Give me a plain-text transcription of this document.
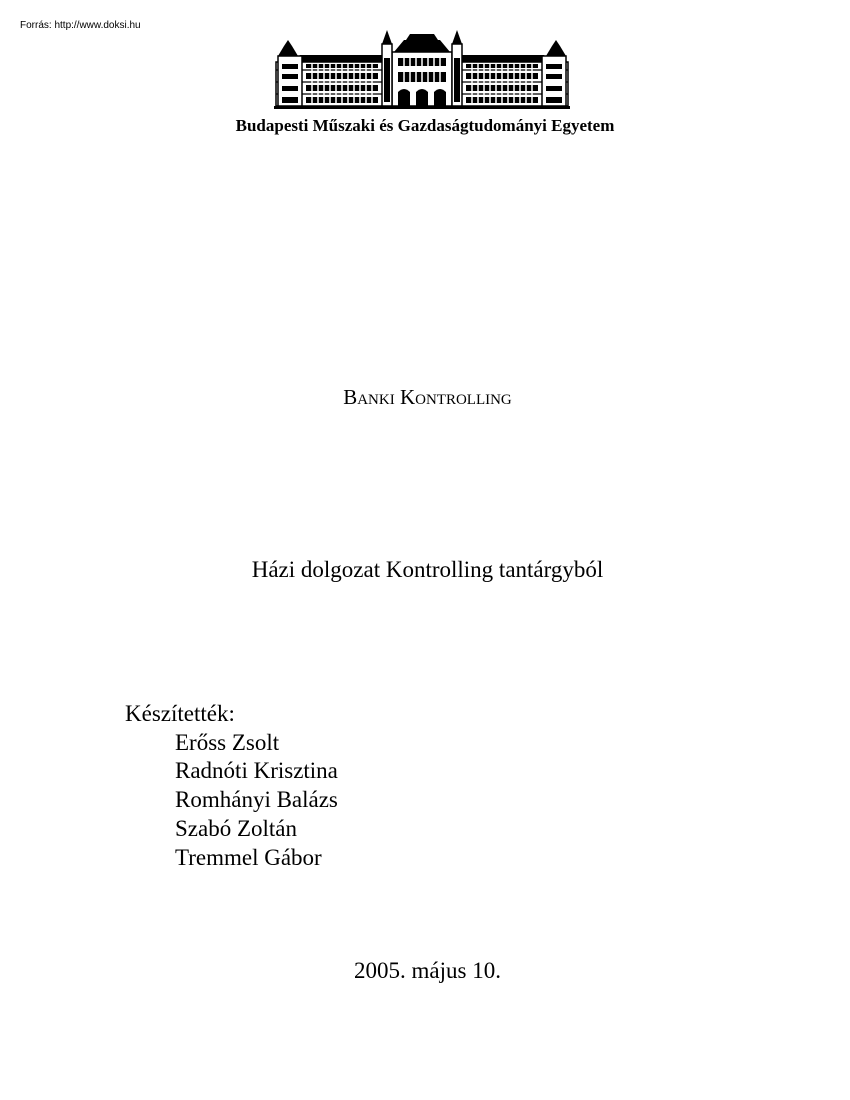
Forrás: http://www.doksi.hu
Budapesti Műszaki és Gazdaságtudományi Egyetem
Banki Kontrolling
Házi dolgozat Kontrolling tantárgyból
Készítették:
Erőss Zsolt
Radnóti Krisztina
Romhányi Balázs
Szabó Zoltán
Tremmel Gábor
2005. május 10.
